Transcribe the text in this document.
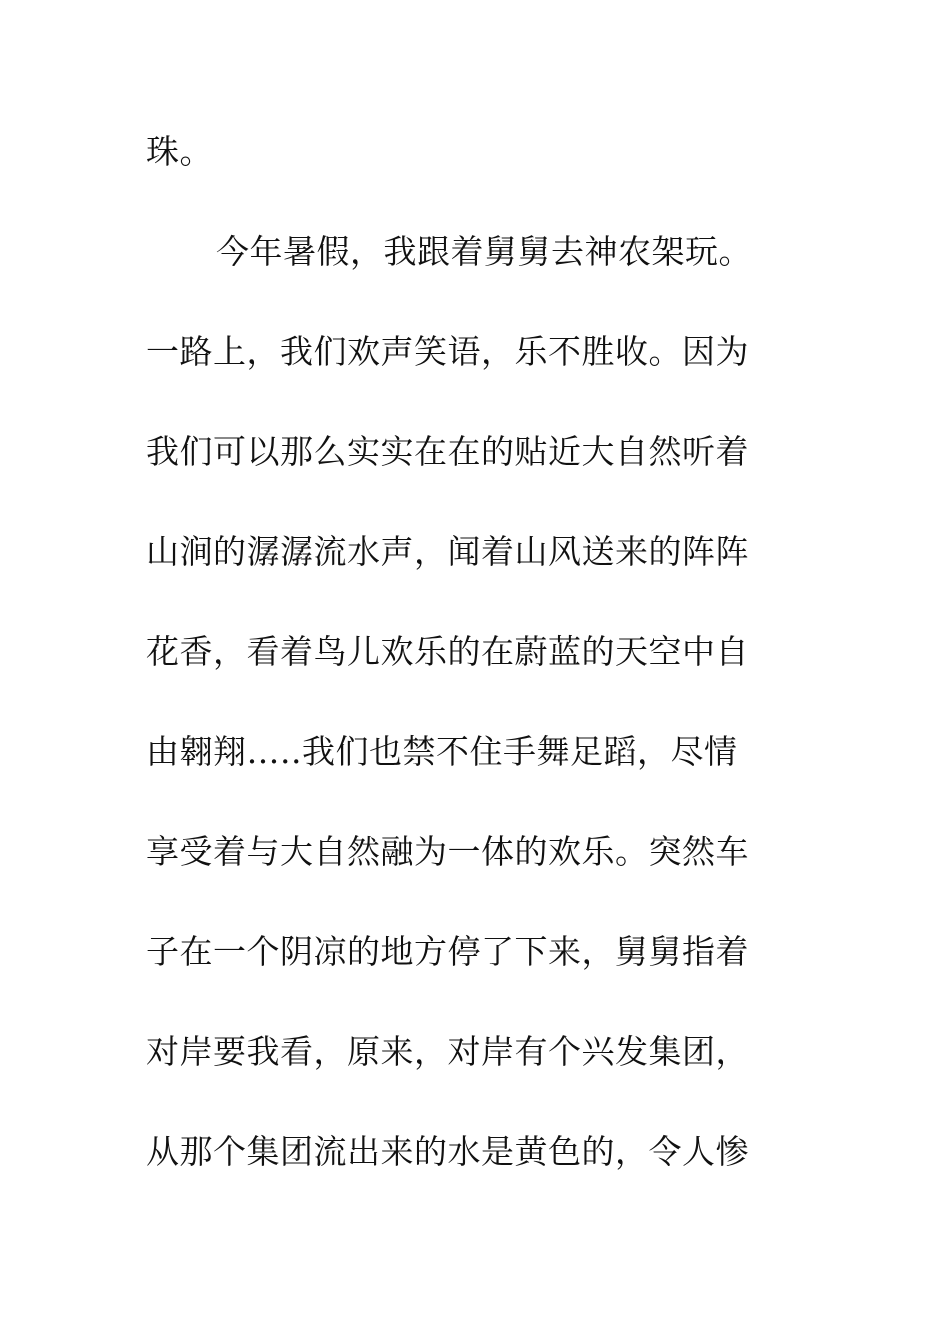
珠。
今年暑假，我跟着舅舅去神农架玩。
一路上，我们欢声笑语，乐不胜收。因为
我们可以那么实实在在的贴近大自然听着
山涧的潺潺流水声，闻着山风送来的阵阵
花香，看着鸟儿欢乐的在蔚蓝的天空中自
由翱翔…..我们也禁不住手舞足蹈，尽情
享受着与大自然融为一体的欢乐。突然车
子在一个阴凉的地方停了下来，舅舅指着
对岸要我看，原来，对岸有个兴发集团，
从那个集团流出来的水是黄色的，令人惨
